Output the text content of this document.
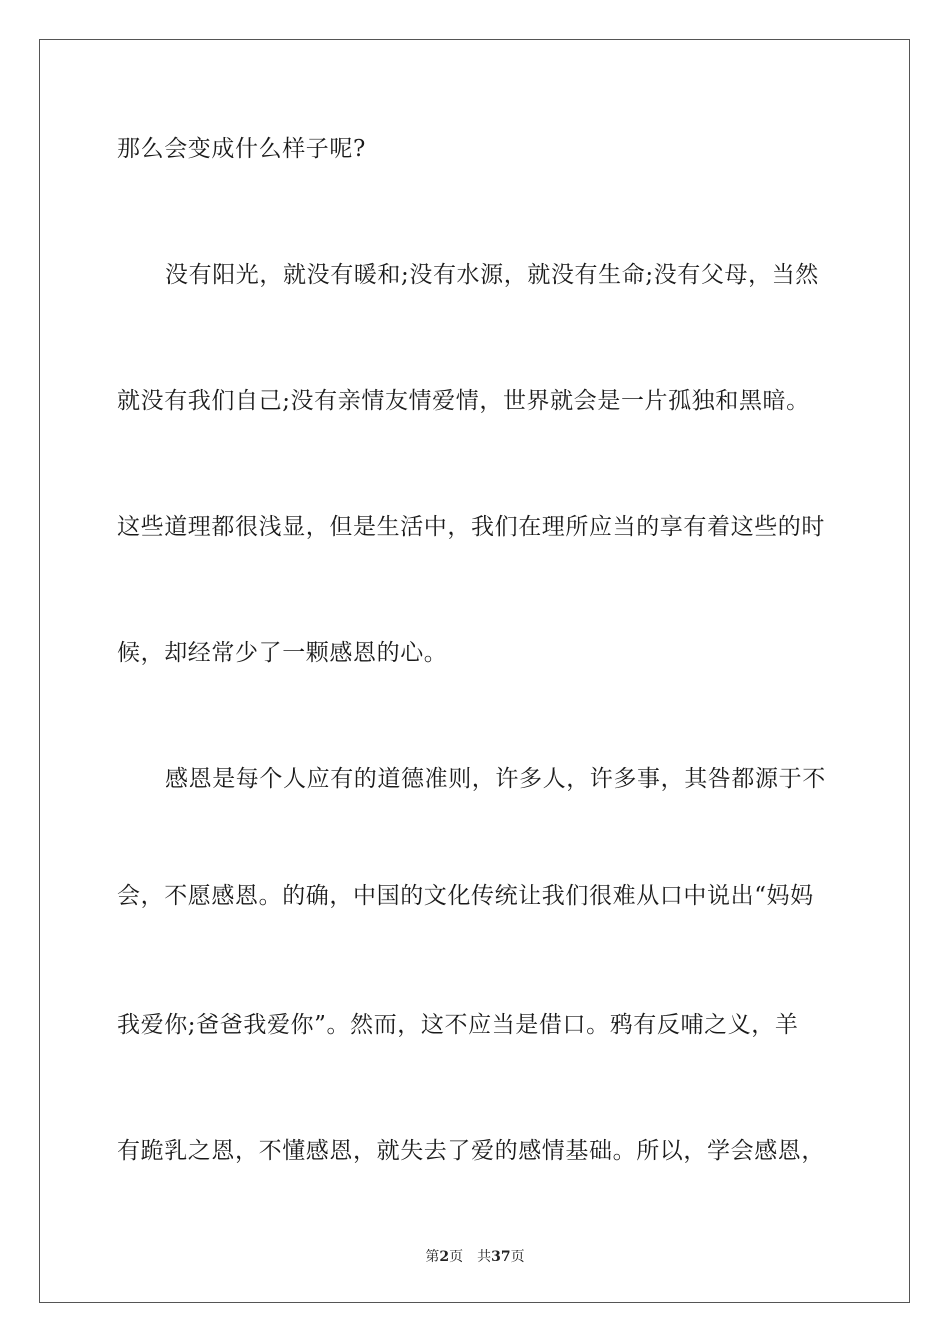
那么会变成什么样子呢?
没有阳光，就没有暖和;没有水源，就没有生命;没有父母，当然
就没有我们自己;没有亲情友情爱情，世界就会是一片孤独和黑暗。
这些道理都很浅显，但是生活中，我们在理所应当的享有着这些的时
候，却经常少了一颗感恩的心。
感恩是每个人应有的道德准则，许多人，许多事，其咎都源于不
会，不愿感恩。的确，中国的文化传统让我们很难从口中说出“妈妈
我爱你;爸爸我爱你”。然而，这不应当是借口。鸦有反哺之义，羊
有跪乳之恩，不懂感恩，就失去了爱的感情基础。所以，学会感恩，
第2页 共37页
